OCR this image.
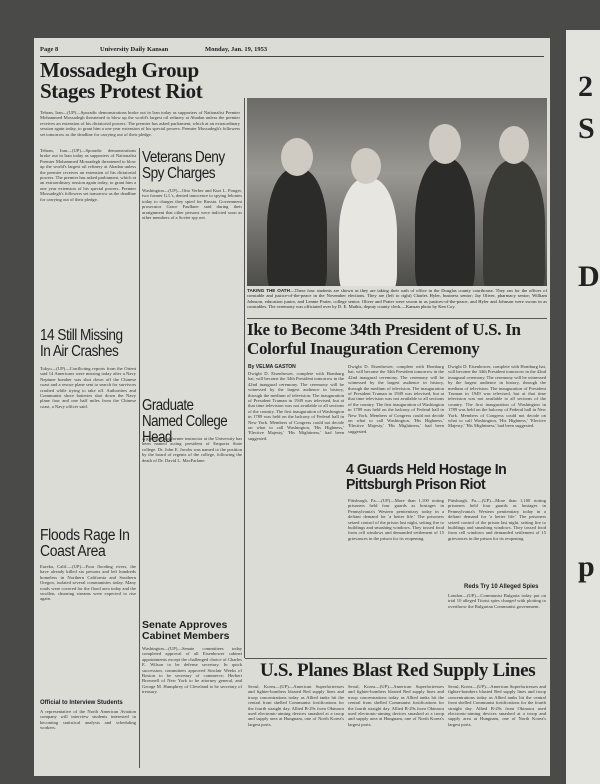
2
S
D
p
Page 8	University Daily Kansan	Monday, Jan. 19, 1953
Mossadegh Group Stages Protest Riot
Tehran, Iran—(UP)—Sporadic demonstrations broke out in Iran today as supporters of Nationalist Premier Mohammed Mossadegh threatened to blow up the world's largest oil refinery at Abadan unless the premier receives an extension of his dictatorial powers. The premier has asked parliament, which at an extraordinary session again today, to grant him a one year extension of his special powers. Premier Mossadegh's followers set tomorrow as the deadline for carrying out of their pledge.
Tehran, Iran—(UP)—Sporadic demonstrations broke out in Iran today as supporters of Nationalist Premier Mohammed Mossadegh threatened to blow up the world's largest oil refinery at Abadan unless the premier receives an extension of his dictatorial powers. The premier has asked parliament, which at an extraordinary session again today, to grant him a one year extension of his special powers. Premier Mossadegh's followers set tomorrow as the deadline for carrying out of their pledge.
14 Still Missing In Air Crashes
Tokyo—(UP)—Conflicting reports from the Orient said 14 Americans were missing today after a Navy Neptune bomber was shot down off the Chinese coast and a rescue plane sent to search for survivors crashed while trying to take off. Authorities and Communist shore batteries shot down the Navy plane four and one half miles from the Chinese coast, a Navy officer said.
Floods Rage In Coast Area
Eureka, Calif.—(UP)—Four flooding rivers, the have already killed six persons and left hundreds homeless in Northern California and Southern Oregon, isolated several communities today. Many roads were covered for the flood area today and the swollen, churning streams were expected to rise again.
Official to Interview Students
A representative of the North American Aviation company will interview students interested in becoming statistical analysts and scheduling workers.
Veterans Deny Spy Charges
Washington—(UP)—Otto Verber and Kurt L. Ponger, two former G.I.'s, denied innocence to spying felonies today to charges they spied for Russia. Government prosecutor Grace Faulkner said during their arraignment that other persons were indicted soon as other members of a Soviet spy net.
Graduate Named College Head
A graduate and former instructor at the University has been named acting president of Emporia State college. Dr. John E. Jacobs was named to the position by the board of regents of the college, following the death of Dr. David L. MacFarlane.
Senate Approves Cabinet Members
Washington—(UP)—Senate committees today completed approval of all Eisenhower cabinet appointments except the challenged choice of Charles E. Wilson to be defense secretary. In quick succession, committees approved Sinclair Weeks of Boston to be secretary of commerce; Herbert Brownell of New York to be attorney general, and George M. Humphrey of Cleveland to be secretary of treasury.
TAKING THE OATH—These four students are shown as they are taking their oath of office in the Douglas county courthouse. They ran for the offices of constable and justice-of-the-peace in the November elections. They are (left to right) Charles Hyler, business senior; Jay Oliver, pharmacy senior; William Johnson, education junior, and Lennie Prater, college senior. Oliver and Prater were sworn in as justices-of-the-peace, and Hyler and Johnson were sworn in as constables. The ceremony was officiated over by D. E. Mathis, deputy county clerk.—Kansan photo by Ken Coy.
Ike to Become 34th President of U.S. In Colorful Inauguration Ceremony
By VELMA GASTON
Dwight D. Eisenhower, complete with Homburg hat, will become the 34th President tomorrow in the 42nd inaugural ceremony. The ceremony will be witnessed by the largest audience in history, through the medium of television. The inauguration of President Truman in 1949 was televised, but at that time television was not available to all sections of the country. The first inauguration of Washington in 1789 was held on the balcony of Federal hall in New York. Members of Congress could not decide on what to call Washington, 'His Highness,' 'Elective Majesty,' 'His Mightiness,' had been suggested.
Dwight D. Eisenhower, complete with Homburg hat, will become the 34th President tomorrow in the 42nd inaugural ceremony. The ceremony will be witnessed by the largest audience in history, through the medium of television. The inauguration of President Truman in 1949 was televised, but at that time television was not available to all sections of the country. The first inauguration of Washington in 1789 was held on the balcony of Federal hall in New York. Members of Congress could not decide on what to call Washington, 'His Highness,' 'Elective Majesty,' 'His Mightiness,' had been suggested.
Dwight D. Eisenhower, complete with Homburg hat, will become the 34th President tomorrow in the 42nd inaugural ceremony. The ceremony will be witnessed by the largest audience in history, through the medium of television. The inauguration of President Truman in 1949 was televised, but at that time television was not available to all sections of the country. The first inauguration of Washington in 1789 was held on the balcony of Federal hall in New York. Members of Congress could not decide on what to call Washington, 'His Highness,' 'Elective Majesty,' 'His Mightiness,' had been suggested.
4 Guards Held Hostage In Pittsburgh Prison Riot
Pittsburgh, Pa.—(UP)—More than 1,100 rioting prisoners held four guards as hostages in Pennsylvania's Western penitentiary today in a defiant demand for 'a better life.' The prisoners seized control of the prison last night, setting fire to buildings and smashing windows. They tossed food from cell windows and demanded settlement of 15 grievances in the prison for its reopening.
Pittsburgh, Pa.—(UP)—More than 1,100 rioting prisoners held four guards as hostages in Pennsylvania's Western penitentiary today in a defiant demand for 'a better life.' The prisoners seized control of the prison last night, setting fire to buildings and smashing windows. They tossed food from cell windows and demanded settlement of 15 grievances in the prison for its reopening.
Reds Try 10 Alleged Spies
London—(UP)—Communist Bulgaria today put on trial 10 alleged Titoist spies charged with plotting to overthrow the Bulgarian Communist government.
U.S. Planes Blast Red Supply Lines
Seoul, Korea—(UP)—American Superfortresses and fighter-bombers blasted Red supply lines and troop concentrations today as Allied tanks hit the central front shelled Communist fortifications for the fourth straight day. Allied B-29s from Okinawa used electronic-aiming devices smashed at a troop and supply area at Hungnam, one of North Korea's largest ports.
Seoul, Korea—(UP)—American Superfortresses and fighter-bombers blasted Red supply lines and troop concentrations today as Allied tanks hit the central front shelled Communist fortifications for the fourth straight day. Allied B-29s from Okinawa used electronic-aiming devices smashed at a troop and supply area at Hungnam, one of North Korea's largest ports.
Seoul, Korea—(UP)—American Superfortresses and fighter-bombers blasted Red supply lines and troop concentrations today as Allied tanks hit the central front shelled Communist fortifications for the fourth straight day. Allied B-29s from Okinawa used electronic-aiming devices smashed at a troop and supply area at Hungnam, one of North Korea's largest ports.
